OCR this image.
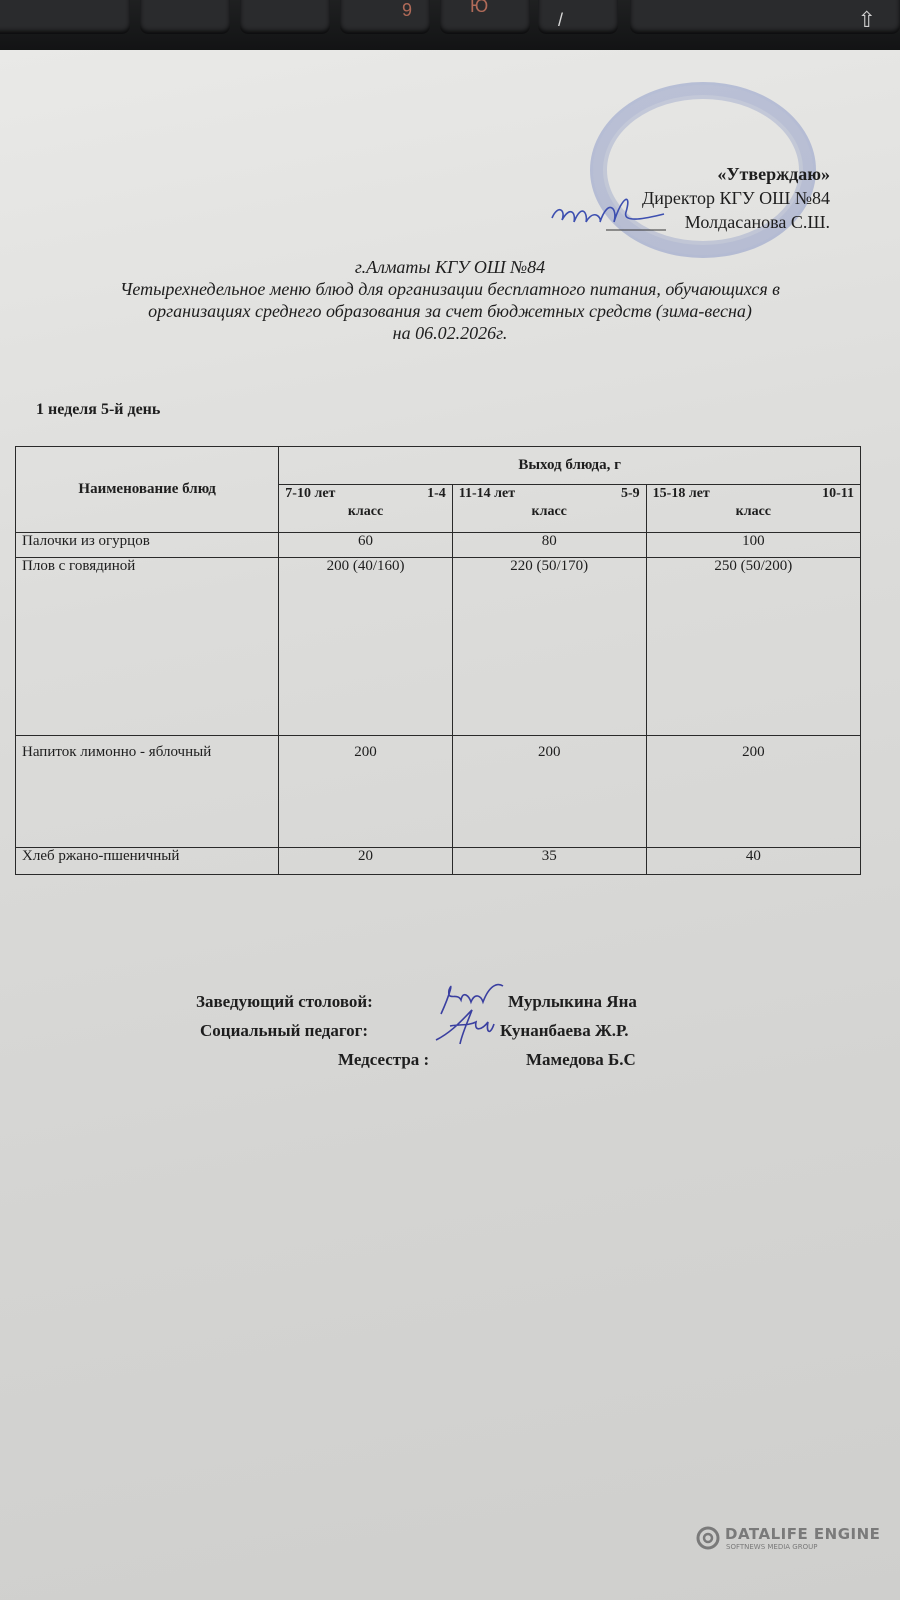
9	Ю
/	⇧
«Утверждаю»
Директор КГУ ОШ №84
Молдасанова С.Ш.
г.Алматы КГУ ОШ №84
Четырехнедельное меню блюд для организации бесплатного питания, обучающихся в
организациях среднего образования за счет бюджетных средств (зима-весна)
на 06.02.2026г.
1 неделя 5-й день
Наименование блюд	Выход блюда, г		

7-10 лет	1-4
класс

11-14 лет	5-9
класс

15-18 лет	10-11
класс

Палочки из огурцов	60	80	100
Плов с говядиной	200 (40/160)	220 (50/170)	250 (50/200)
Напиток лимонно - яблочный	200	200	200
Хлеб ржано-пшеничный	20	35	40
Заведующий столовой:	Мурлыкина Яна
Социальный педагог:	Кунанбаева Ж.Р.
Медсестра :	Мамедова Б.С
DATALIFE ENGINE
SOFTNEWS MEDIA GROUP
